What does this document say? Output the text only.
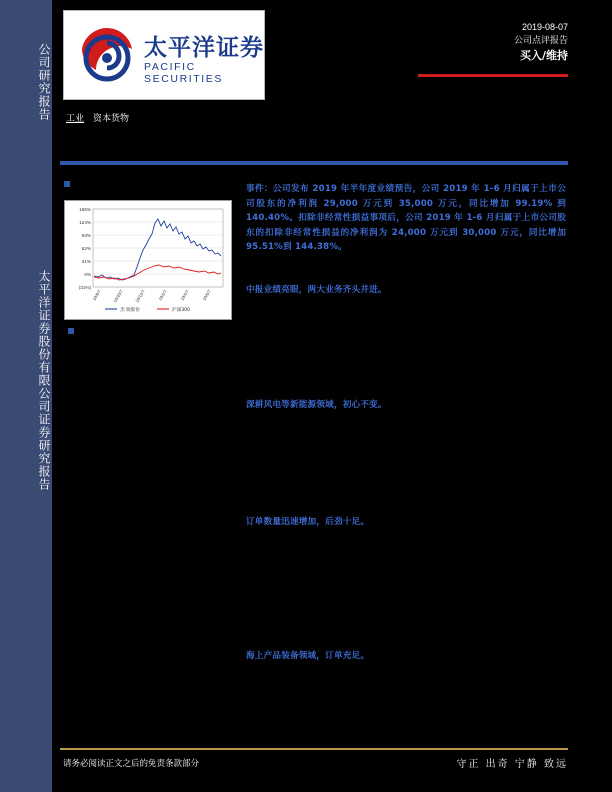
公司研究报告
太平洋证券股份有限公司证券研究报告
太平洋证券
PACIFIC SECURITIES
2019-08-07
公司点评报告
买入/维持
工业 资本货物
155%
124%
93%
62%
31%
0%
(31%)
18/8/7 18/10/7 18/12/7	19/2/7	19/4/7	19/6/7
杰 瑞股份	沪深300
事件：公司发布 2019 年半年度业绩预告，公司 2019 年 1-6 月归属于上市公司股东的净利润 29,000 万元到 35,000 万元，同比增加 99.19% 到 140.40%。扣除非经常性损益事项后，公司 2019 年 1-6 月归属于上市公司股东的扣除非经常性损益的净利润为 24,000 万元到 30,000 万元，同比增加 95.51%到 144.38%。
中报业绩亮眼，两大业务齐头并进。
深耕风电等新能源领域，初心不变。
订单数量迅速增加，后劲十足。
海上产品装备领域，订单充足。
请务必阅读正文之后的免责条款部分	守正 出奇 宁静 致远
